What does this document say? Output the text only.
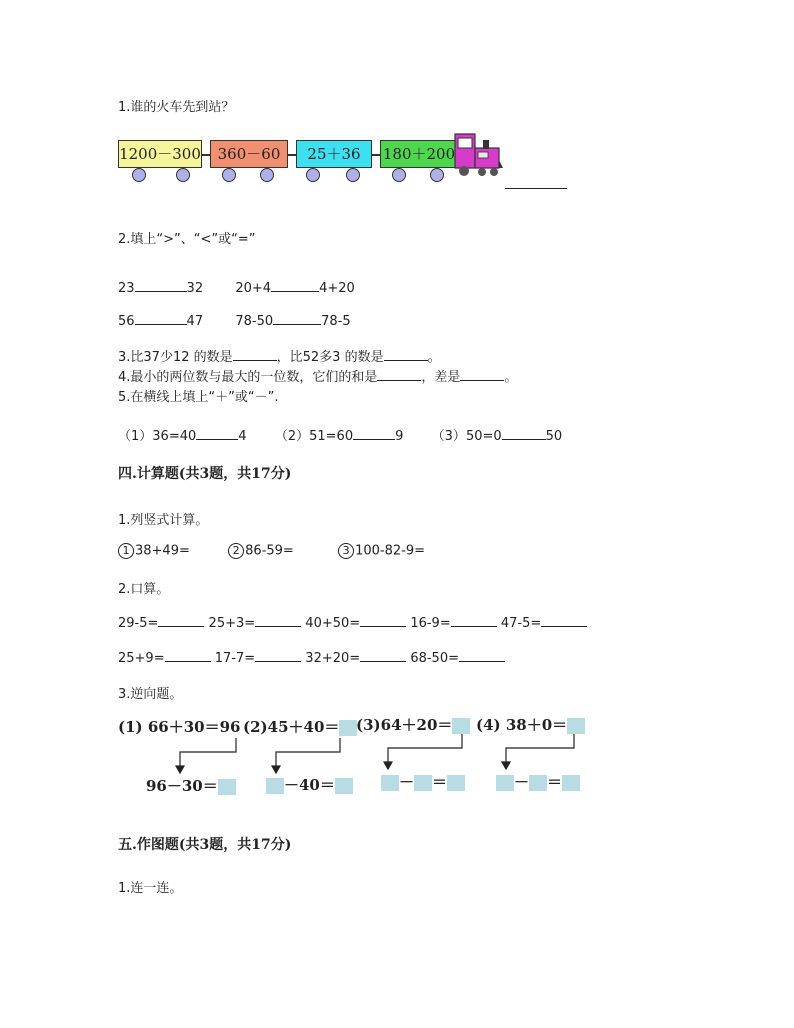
1.谁的火车先到站？
1200－300	360－60	25＋36	180＋200
2.填上“>”、“<”或“=”
23	32 20+4	4+20
56	47 78-50	78-5
3.比37少12 的数是	，比52多3 的数是	。
4.最小的两位数与最大的一位数，它们的和是	，差是	。
5.在横线上填上“＋”或“－”.
（1）36=40	4 （2）51=60	9 （3）50=0	50
四.计算题(共3题，共17分)
1.列竖式计算。
1 38+49=	2 86-59=	3 100-82-9=
2.口算。
29-5=	25+3=	40+50=	16-9=	47-5=
25+9=	17-7=	32+20=	68-50=
3.逆向题。
(1) 66＋30＝96 (2)45＋40＝	(3)64＋20＝	(4) 38＋0＝
96－30＝	－40＝	－ ＝	－ ＝
五.作图题(共3题，共17分)
1.连一连。
